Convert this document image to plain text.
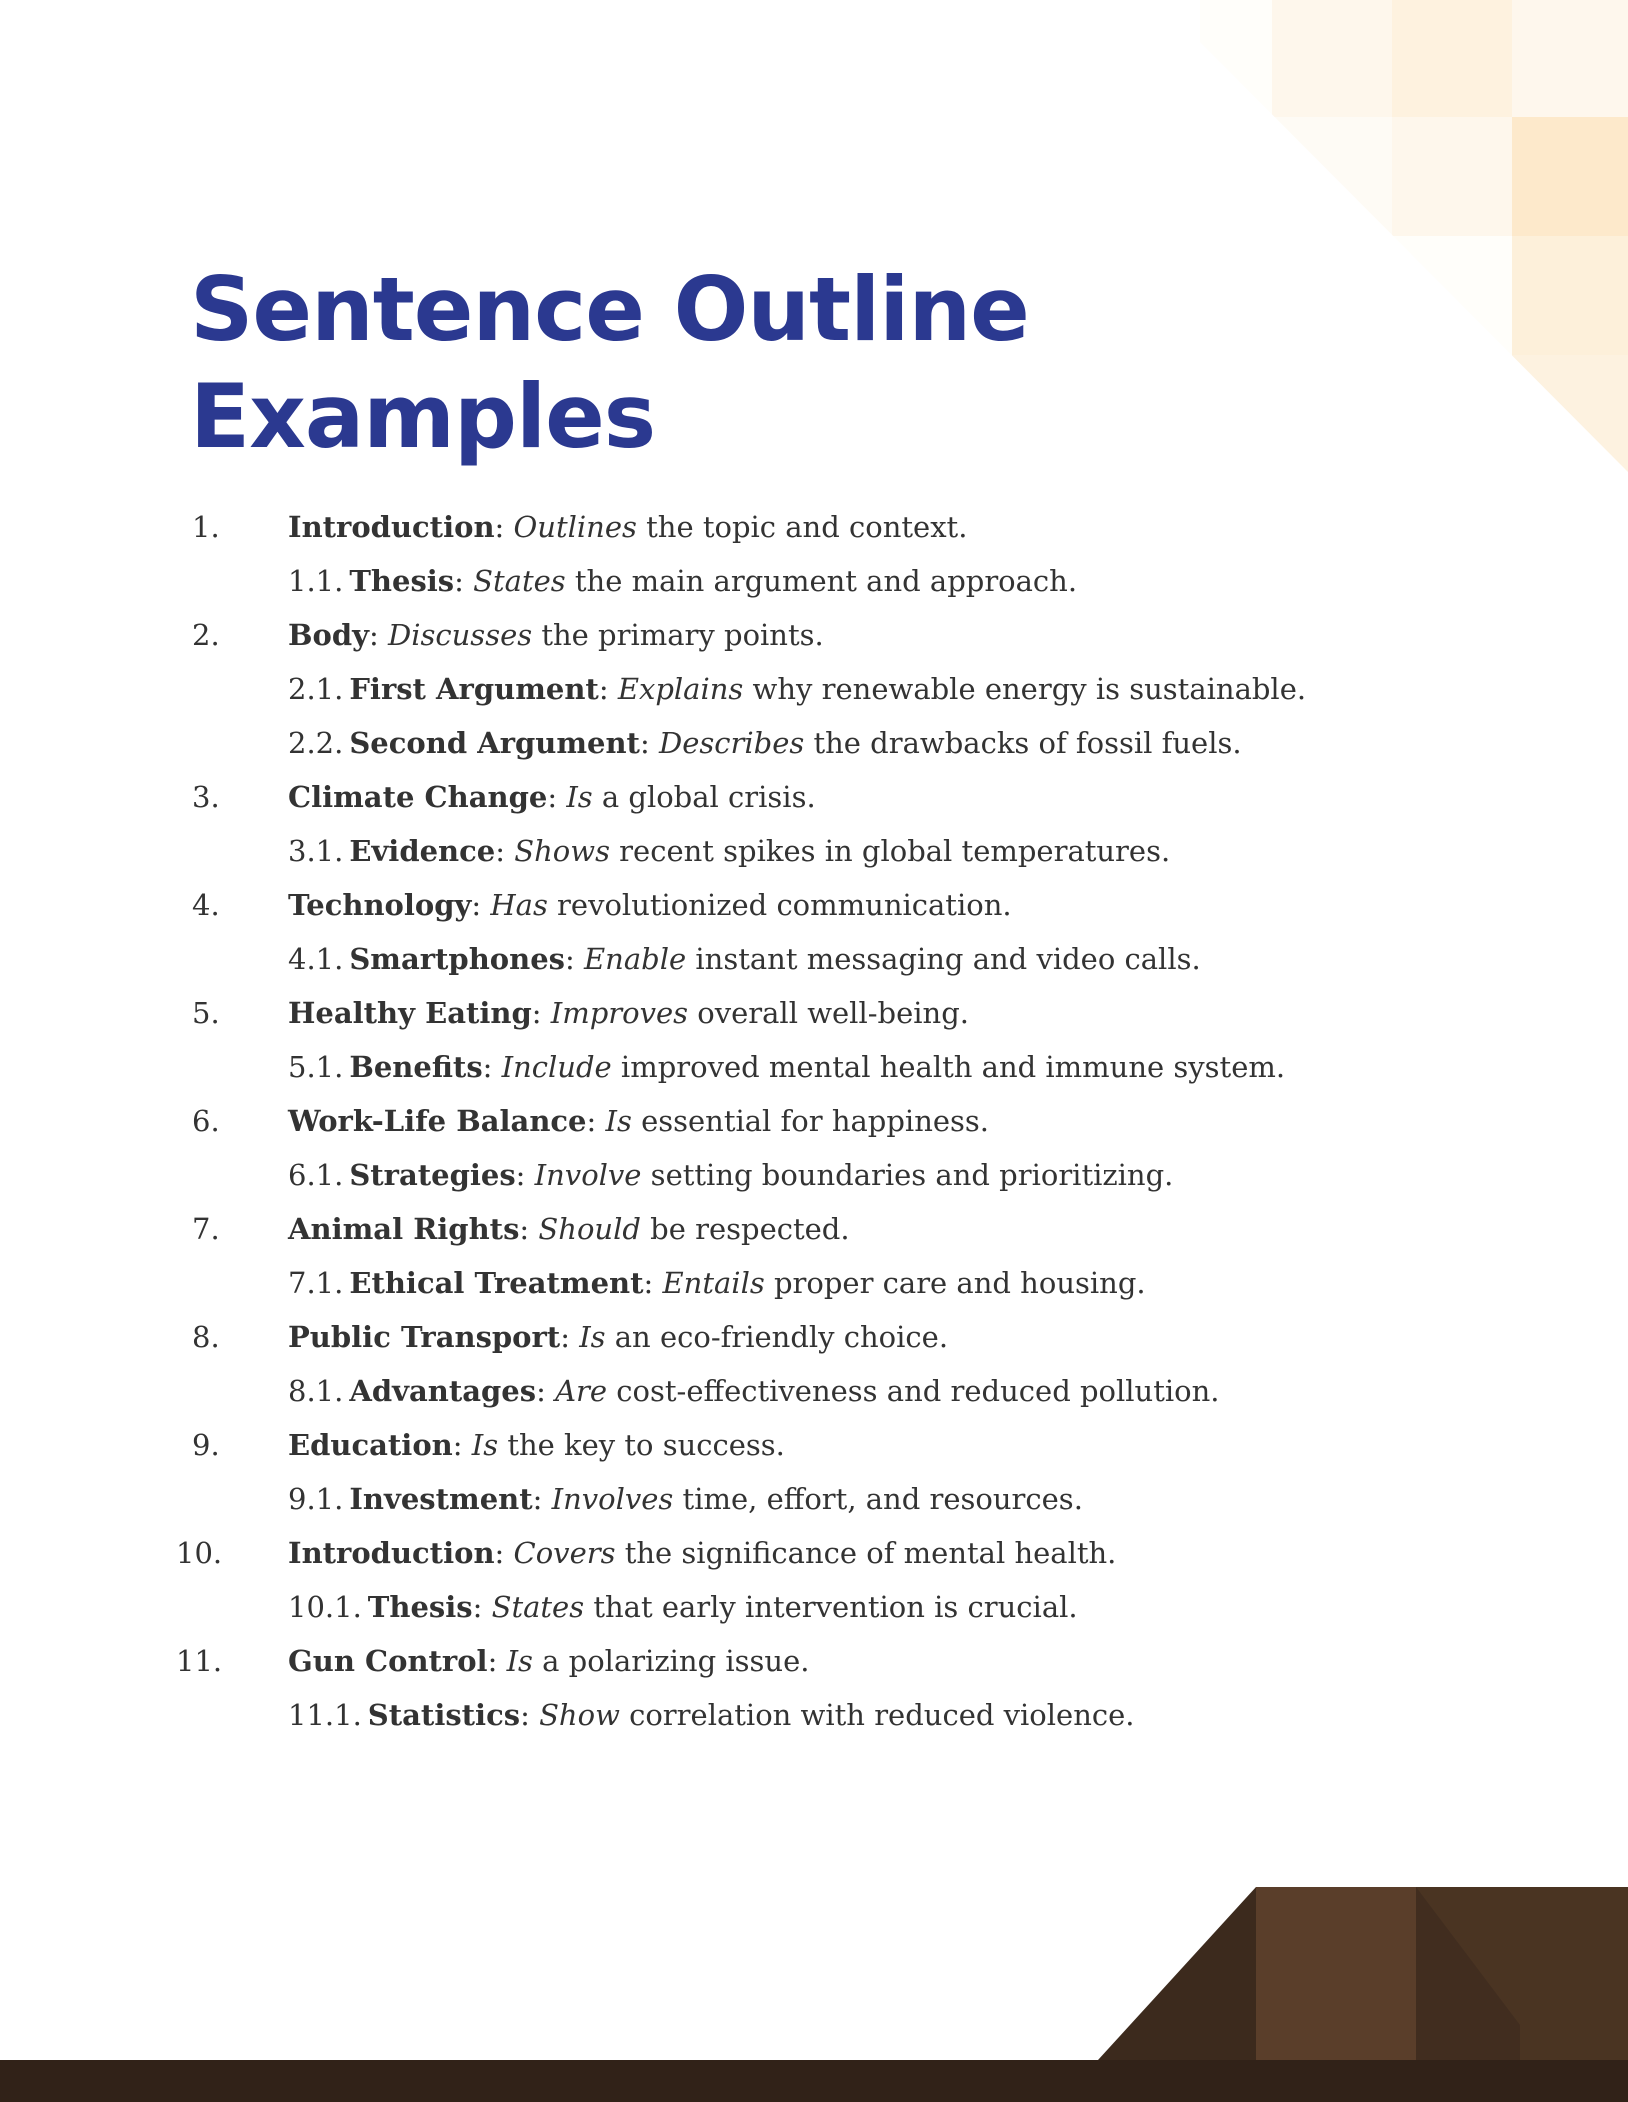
Sentence Outline
Examples
1.	Introduction: Outlines the topic and context.
1.1. Thesis: States the main argument and approach.
2.	Body: Discusses the primary points.
2.1. First Argument: Explains why renewable energy is sustainable.
2.2. Second Argument: Describes the drawbacks of fossil fuels.
3.	Climate Change: Is a global crisis.
3.1. Evidence: Shows recent spikes in global temperatures.
4.	Technology: Has revolutionized communication.
4.1. Smartphones: Enable instant messaging and video calls.
5.	Healthy Eating: Improves overall well-being.
5.1. Benefits: Include improved mental health and immune system.
6.	Work-Life Balance: Is essential for happiness.
6.1. Strategies: Involve setting boundaries and prioritizing.
7.	Animal Rights: Should be respected.
7.1. Ethical Treatment: Entails proper care and housing.
8.	Public Transport: Is an eco-friendly choice.
8.1. Advantages: Are cost-effectiveness and reduced pollution.
9.	Education: Is the key to success.
9.1. Investment: Involves time, effort, and resources.
10.	Introduction: Covers the significance of mental health.
10.1. Thesis: States that early intervention is crucial.
11.	Gun Control: Is a polarizing issue.
11.1. Statistics: Show correlation with reduced violence.
